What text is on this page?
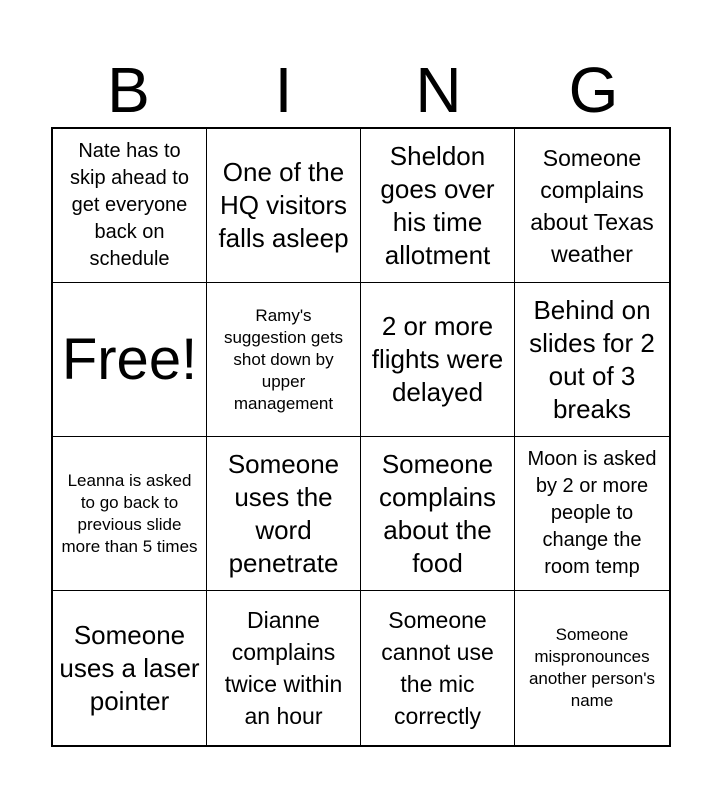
B	I	N	G
Nate has to skip ahead to get everyone back on schedule
One of the HQ visitors falls asleep
Sheldon goes over his time allotment
Someone complains about Texas weather
Free!
Ramy's suggestion gets shot down by upper management
2 or more flights were delayed
Behind on slides for 2 out of 3 breaks
Leanna is asked to go back to previous slide more than 5 times
Someone uses the word penetrate
Someone complains about the food
Moon is asked by 2 or more people to change the room temp
Someone uses a laser pointer
Dianne complains twice within an hour
Someone cannot use the mic correctly
Someone mispronounces another person's name
